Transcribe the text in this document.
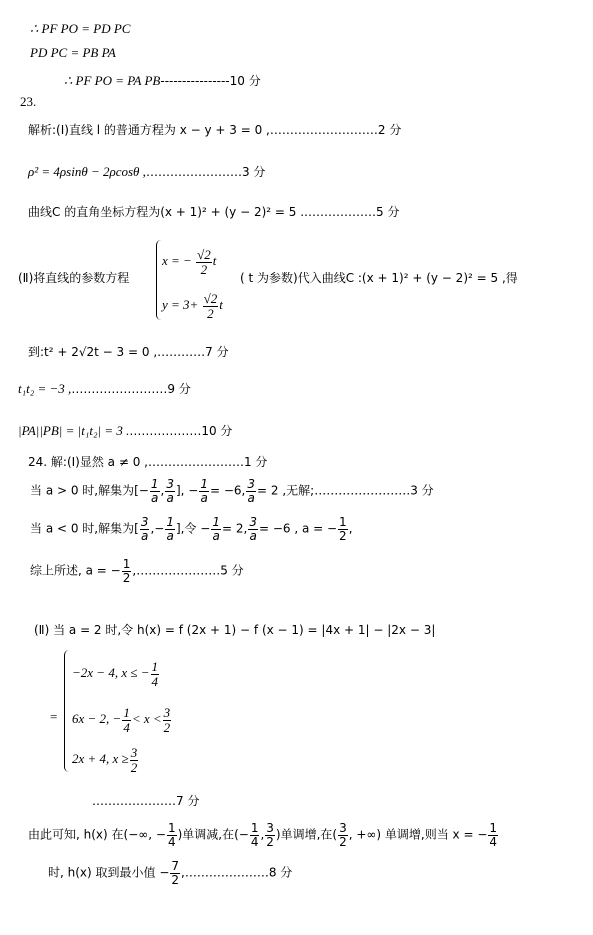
∴ PF PO = PD PC
PD PC = PB PA
∴ PF PO = PA PB----------------10 分
23.
解析:(Ⅰ)直线 l 的普通方程为 x − y + 3 = 0 ,………………………2 分
ρ² = 4ρsinθ − 2ρcosθ ,……………………3 分
曲线C 的直角坐标方程为(x + 1)² + (y − 2)² = 5 .………………5 分
(Ⅱ)将直线的参数方程
x = − $\frac{√2}{2}$ t
$y = 3+ \frac{√2}{2}$ t
( t 为参数)代入曲线C :(x + 1)² + (y − 2)² = 5 ,得
到:t² + 2√2t − 3 = 0 ,…………7 分
t₁t₂ = −3 ,……………………9 分
|PA||PB| = |t₁t₂| = 3 .………………10 分
24. 解:(Ⅰ)显然 a ≠ 0 ,……………………1 分
当 a > 0 时,解集为[− $\frac{1}{a}$ , $\frac{3}{a}$ ], − $\frac{1}{a} = -6$, $\frac{3}{a} = 2$ ,无解;……………………3 分
当 a < 0 时,解集为[ $\frac{3}{a}$ ,− $\frac{1}{a}$ ],令 − $\frac{1}{a} = 2$, $\frac{3}{a} = -6$ , a = − $\frac{1}{2}$ ,
综上所述, a = − $\frac{1}{2}$ ,…………………5 分
(Ⅱ) 当 a = 2 时,令 h(x) = f (2x + 1) − f (x − 1) = |4x + 1| − |2x − 3|
=
−2x − 4, x ≤ − $\frac{1}{4}$
6x − 2, − $\frac{1}{4} < x < \frac{3}{2}$
2x + 4, $x \ge \frac{3}{2}$
…………………7 分
由此可知, h(x) 在(−∞, − $\frac{1}{4}$ )单调减,在(− $\frac{1}{4}$ , $\frac{3}{2}$ )单调增,在( $\frac{3}{2}$ , +∞) 单调增,则当 x = − $\frac{1}{4}$
时, h(x) 取到最小值 − $\frac{7}{2}$ ,…………………8 分
